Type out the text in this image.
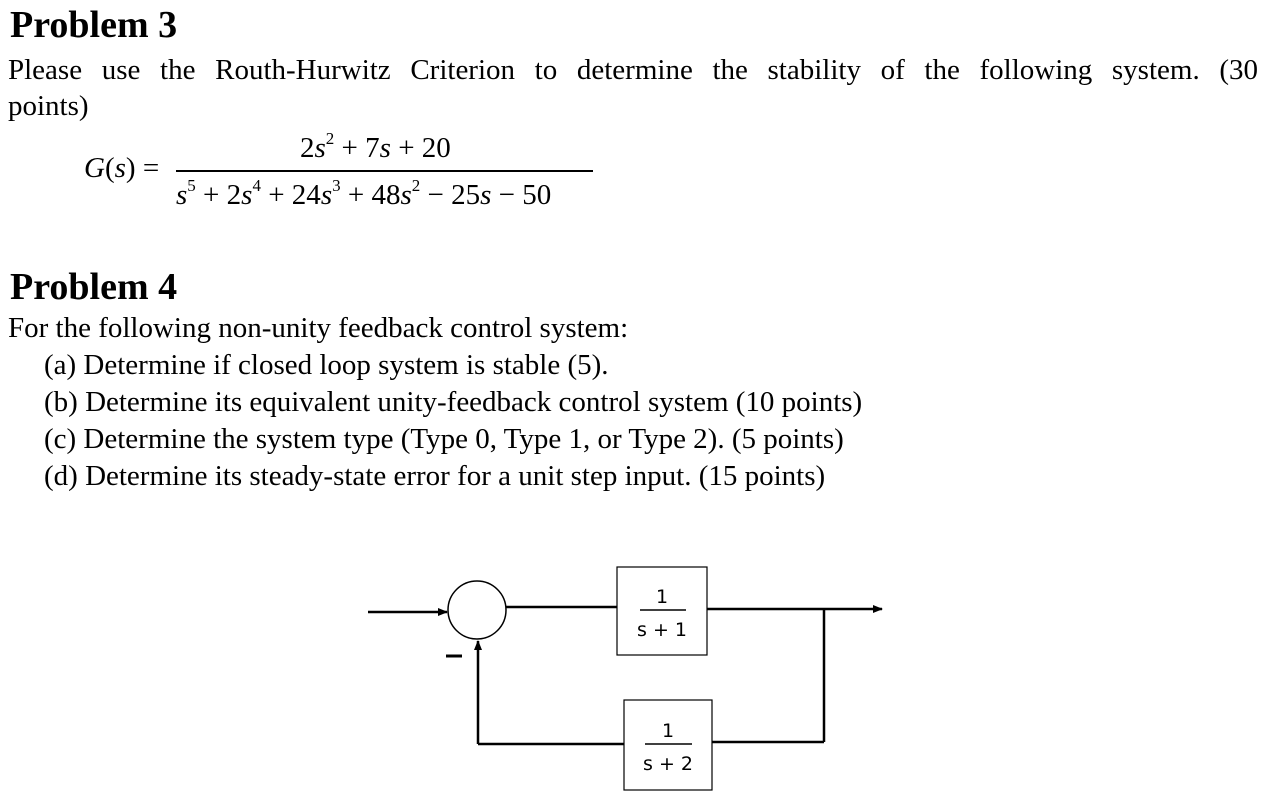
Problem 3

Please use the Routh-Hurwitz Criterion to determine the stability of the following system. (30

points)

G(s) =
$2s^2 + 7s + 20$
$s^5 + 2s^4 + 24s^3 + 48s^2 - 25s - 50$
Problem 4

For the following non-unity feedback control system:

(a) Determine if closed loop system is stable (5).

(b) Determine its equivalent unity-feedback control system (10 points)

(c) Determine the system type (Type 0, Type 1, or Type 2). (5 points)

(d) Determine its steady-state error for a unit step input. (15 points)

1
s + 1
1
s + 2
